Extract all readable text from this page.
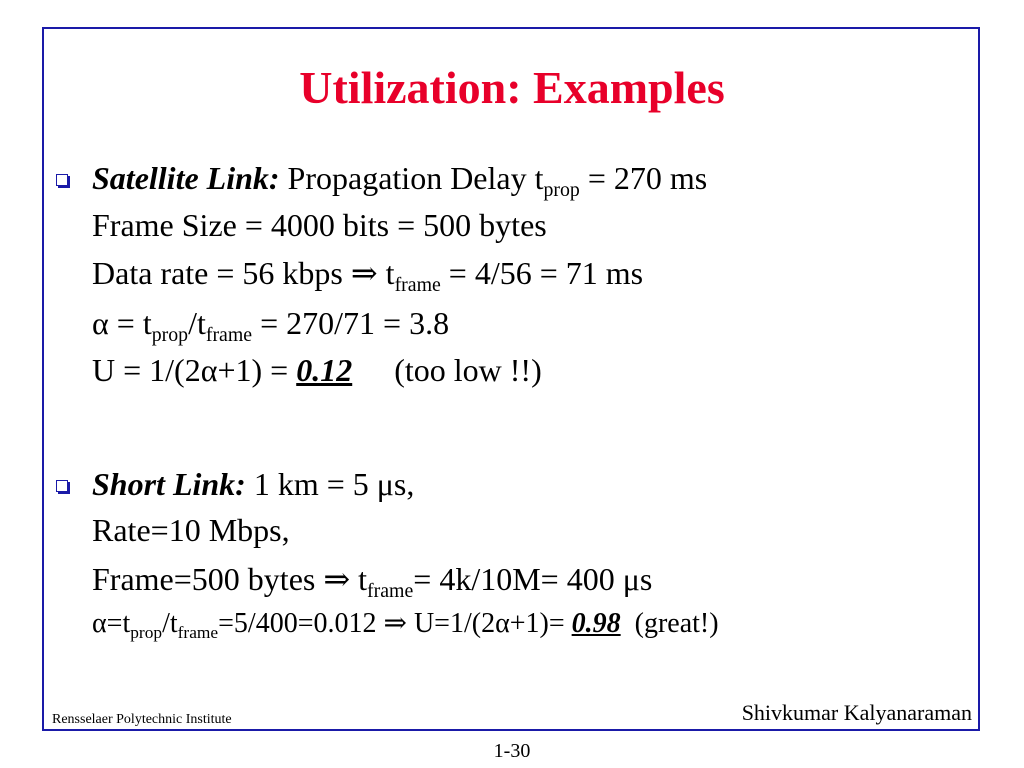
Utilization: Examples
Satellite Link: Propagation Delay $t_{prop} = 270$ ms
Frame Size = 4000 bits = 500 bytes
Data rate = 56 kbps ⇒ $t_{frame} = 4/56 = 71$ ms
$\alpha = t_{prop}/t_{frame} = 270/71 = 3.8$
U = 1/(2α+1) = 0.12 (too low !!)
Short Link: 1 km = 5 μs,
Rate=10 Mbps,
Frame=500 bytes ⇒ $t_{frame}= 4k/10M= 400$ μs
$\alpha=t_{prop}/t_{frame}=5/400=0.012$ ⇒ U=1/(2α+1)= 0.98 (great!)
Rensselaer Polytechnic Institute	Shivkumar Kalyanaraman
1-30
